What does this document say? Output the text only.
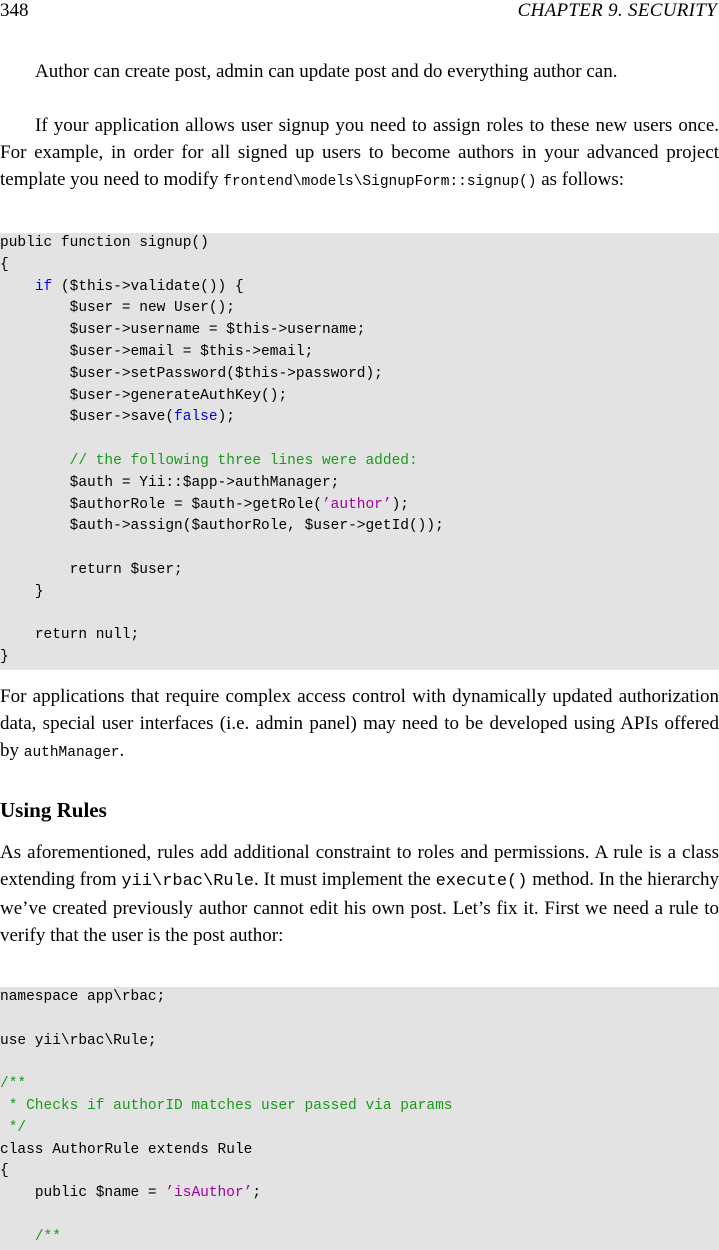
348	CHAPTER 9. SECURITY

Author can create post, admin can update post and do everything author can.

If your application allows user signup you need to assign roles to these new users once. For example, in order for all signed up users to become authors in your advanced project template you need to modify frontend\models\SignupForm::signup() as follows:

public function signup()
{
if ($this->validate()) {
$user = new User();
$user->username = $this->username;
$user->email = $this->email;
$user->setPassword($this->password);
$user->generateAuthKey();
$user->save(false);

// the following three lines were added:
$auth = Yii::$app->authManager;
$authorRole = $auth->getRole(’author’);
$auth->assign($authorRole, $user->getId());

return $user;
}

return null;
}

For applications that require complex access control with dynamically updated authorization data, special user interfaces (i.e. admin panel) may need to be developed using APIs offered by authManager.

Using Rules

As aforementioned, rules add additional constraint to roles and permissions. A rule is a class extending from yii\rbac\Rule. It must implement the execute() method. In the hierarchy we’ve created previously author cannot edit his own post. Let’s fix it. First we need a rule to verify that the user is the post author:

namespace app\rbac;

use yii\rbac\Rule;

/**
* Checks if authorID matches user passed via params
*/
class AuthorRule extends Rule
{
public $name = ’isAuthor’;

/**
